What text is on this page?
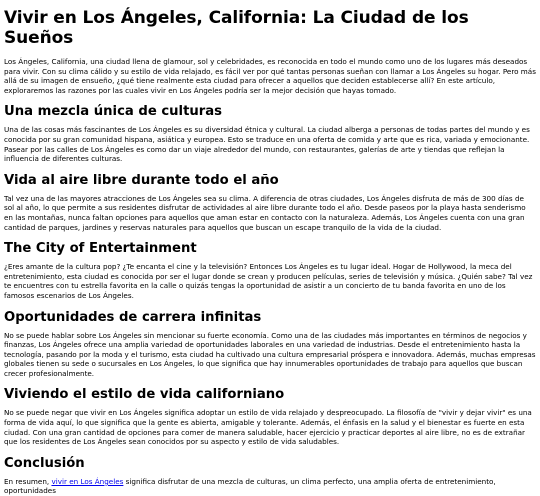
Vivir en Los Ángeles, California: La Ciudad de los Sueños

Los Ángeles, California, una ciudad llena de glamour, sol y celebridades, es reconocida en todo el mundo como uno de los lugares más deseados para vivir. Con su clima cálido y su estilo de vida relajado, es fácil ver por qué tantas personas sueñan con llamar a Los Ángeles su hogar. Pero más allá de su imagen de ensueño, ¿qué tiene realmente esta ciudad para ofrecer a aquellos que deciden establecerse allí? En este artículo, exploraremos las razones por las cuales vivir en Los Ángeles podría ser la mejor decisión que hayas tomado.

Una mezcla única de culturas

Una de las cosas más fascinantes de Los Ángeles es su diversidad étnica y cultural. La ciudad alberga a personas de todas partes del mundo y es conocida por su gran comunidad hispana, asiática y europea. Esto se traduce en una oferta de comida y arte que es rica, variada y emocionante. Pasear por las calles de Los Ángeles es como dar un viaje alrededor del mundo, con restaurantes, galerías de arte y tiendas que reflejan la influencia de diferentes culturas.

Vida al aire libre durante todo el año

Tal vez una de las mayores atracciones de Los Ángeles sea su clima. A diferencia de otras ciudades, Los Ángeles disfruta de más de 300 días de sol al año, lo que permite a sus residentes disfrutar de actividades al aire libre durante todo el año. Desde paseos por la playa hasta senderismo en las montañas, nunca faltan opciones para aquellos que aman estar en contacto con la naturaleza. Además, Los Ángeles cuenta con una gran cantidad de parques, jardines y reservas naturales para aquellos que buscan un escape tranquilo de la vida de la ciudad.

The City of Entertainment

¿Eres amante de la cultura pop? ¿Te encanta el cine y la televisión? Entonces Los Ángeles es tu lugar ideal. Hogar de Hollywood, la meca del entretenimiento, esta ciudad es conocida por ser el lugar donde se crean y producen películas, series de televisión y música. ¿Quién sabe? Tal vez te encuentres con tu estrella favorita en la calle o quizás tengas la oportunidad de asistir a un concierto de tu banda favorita en uno de los famosos escenarios de Los Ángeles.

Oportunidades de carrera infinitas

No se puede hablar sobre Los Ángeles sin mencionar su fuerte economía. Como una de las ciudades más importantes en términos de negocios y finanzas, Los Ángeles ofrece una amplia variedad de oportunidades laborales en una variedad de industrias. Desde el entretenimiento hasta la tecnología, pasando por la moda y el turismo, esta ciudad ha cultivado una cultura empresarial próspera e innovadora. Además, muchas empresas globales tienen su sede o sucursales en Los Ángeles, lo que significa que hay innumerables oportunidades de trabajo para aquellos que buscan crecer profesionalmente.

Viviendo el estilo de vida californiano

No se puede negar que vivir en Los Ángeles significa adoptar un estilo de vida relajado y despreocupado. La filosofía de "vivir y dejar vivir" es una forma de vida aquí, lo que significa que la gente es abierta, amigable y tolerante. Además, el énfasis en la salud y el bienestar es fuerte en esta ciudad. Con una gran cantidad de opciones para comer de manera saludable, hacer ejercicio y practicar deportes al aire libre, no es de extrañar que los residentes de Los Ángeles sean conocidos por su aspecto y estilo de vida saludables.

Conclusión

En resumen, vivir en Los Ángeles significa disfrutar de una mezcla de culturas, un clima perfecto, una amplia oferta de entretenimiento, oportunidades
